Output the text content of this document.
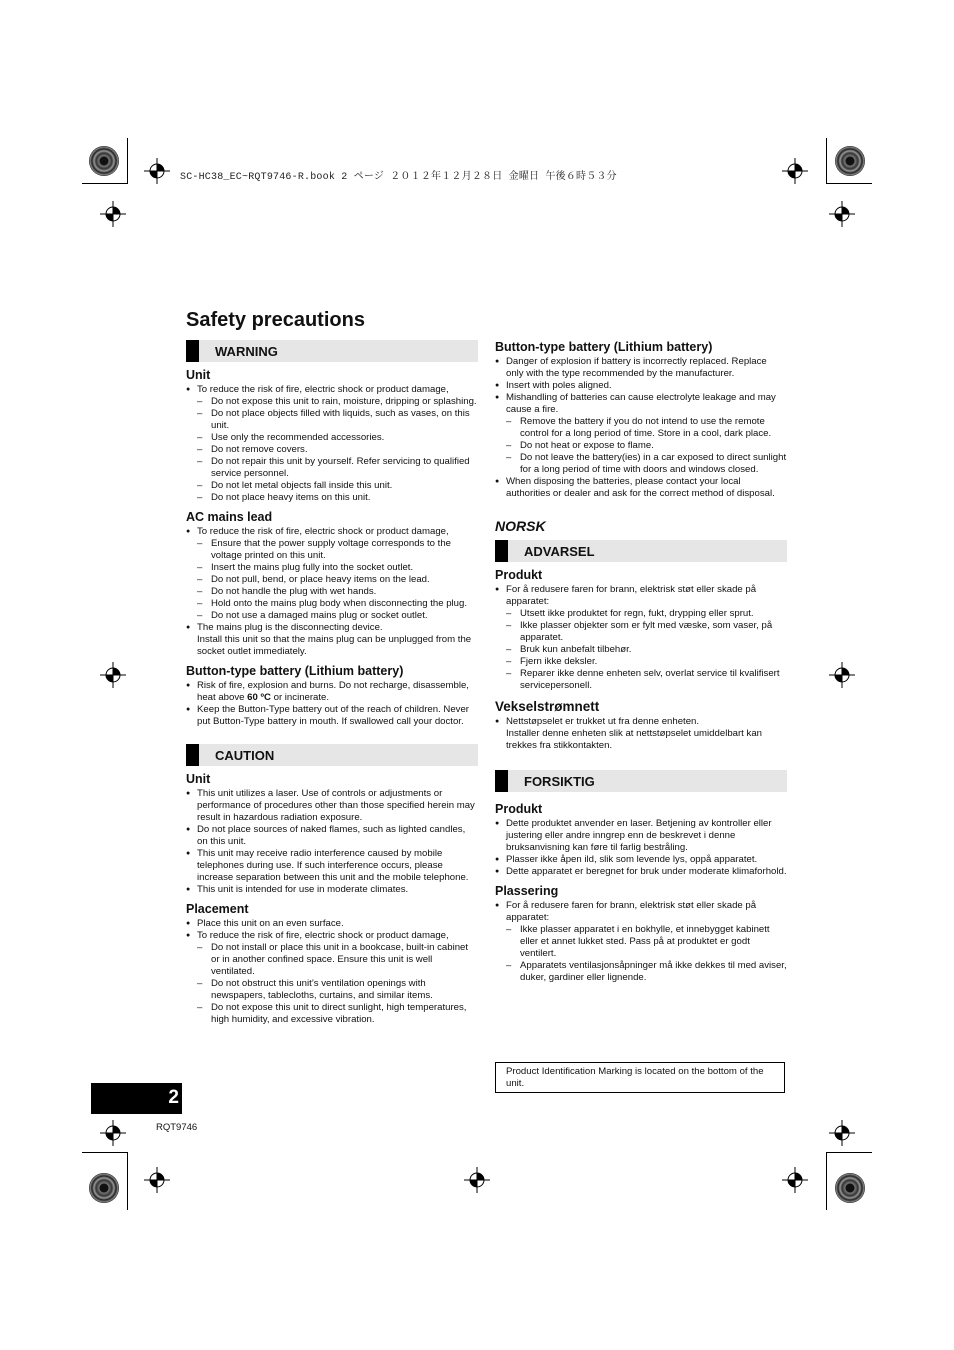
SC-HC38_EC~RQT9746-R.book 2 ページ ２０１２年１２月２８日 金曜日 午後６時５３分
Safety precautions
WARNING
Unit
● To reduce the risk of fire, electric shock or product damage,
– Do not expose this unit to rain, moisture, dripping or splashing.
– Do not place objects filled with liquids, such as vases, on this unit.
– Use only the recommended accessories.
– Do not remove covers.
– Do not repair this unit by yourself. Refer servicing to qualified service personnel.
– Do not let metal objects fall inside this unit.
– Do not place heavy items on this unit.
AC mains lead
● To reduce the risk of fire, electric shock or product damage,
– Ensure that the power supply voltage corresponds to the voltage printed on this unit.
– Insert the mains plug fully into the socket outlet.
– Do not pull, bend, or place heavy items on the lead.
– Do not handle the plug with wet hands.
– Hold onto the mains plug body when disconnecting the plug.
– Do not use a damaged mains plug or socket outlet.
● The mains plug is the disconnecting device.
Install this unit so that the mains plug can be unplugged from the socket outlet immediately.
Button-type battery (Lithium battery)
● Risk of fire, explosion and burns. Do not recharge, disassemble, heat above 60 ºC or incinerate.
● Keep the Button-Type battery out of the reach of children. Never put Button-Type battery in mouth. If swallowed call your doctor.
CAUTION
Unit
● This unit utilizes a laser. Use of controls or adjustments or performance of procedures other than those specified herein may result in hazardous radiation exposure.
● Do not place sources of naked flames, such as lighted candles, on this unit.
● This unit may receive radio interference caused by mobile telephones during use. If such interference occurs, please increase separation between this unit and the mobile telephone.
● This unit is intended for use in moderate climates.
Placement
● Place this unit on an even surface.
● To reduce the risk of fire, electric shock or product damage,
– Do not install or place this unit in a bookcase, built-in cabinet or in another confined space. Ensure this unit is well ventilated.
– Do not obstruct this unit’s ventilation openings with newspapers, tablecloths, curtains, and similar items.
– Do not expose this unit to direct sunlight, high temperatures, high humidity, and excessive vibration.
Button-type battery (Lithium battery)
● Danger of explosion if battery is incorrectly replaced. Replace only with the type recommended by the manufacturer.
● Insert with poles aligned.
● Mishandling of batteries can cause electrolyte leakage and may cause a fire.
– Remove the battery if you do not intend to use the remote control for a long period of time. Store in a cool, dark place.
– Do not heat or expose to flame.
– Do not leave the battery(ies) in a car exposed to direct sunlight for a long period of time with doors and windows closed.
● When disposing the batteries, please contact your local authorities or dealer and ask for the correct method of disposal.
NORSK
ADVARSEL
Produkt
● For å redusere faren for brann, elektrisk støt eller skade på apparatet:
– Utsett ikke produktet for regn, fukt, drypping eller sprut.
– Ikke plasser objekter som er fylt med væske, som vaser, på apparatet.
– Bruk kun anbefalt tilbehør.
– Fjern ikke deksler.
– Reparer ikke denne enheten selv, overlat service til kvalifisert servicepersonell.
Vekselstrømnett
● Nettstøpselet er trukket ut fra denne enheten.
Installer denne enheten slik at nettstøpselet umiddelbart kan trekkes fra stikkontakten.
FORSIKTIG
Produkt
● Dette produktet anvender en laser. Betjening av kontroller eller justering eller andre inngrep enn de beskrevet i denne bruksanvisning kan føre til farlig bestråling.
● Plasser ikke åpen ild, slik som levende lys, oppå apparatet.
● Dette apparatet er beregnet for bruk under moderate klimaforhold.
Plassering
● For å redusere faren for brann, elektrisk støt eller skade på apparatet:
– Ikke plasser apparatet i en bokhylle, et innebygget kabinett eller et annet lukket sted. Pass på at produktet er godt ventilert.
– Apparatets ventilasjonsåpninger må ikke dekkes til med aviser, duker, gardiner eller lignende.
Product Identification Marking is located on the bottom of the unit.
2
RQT9746
